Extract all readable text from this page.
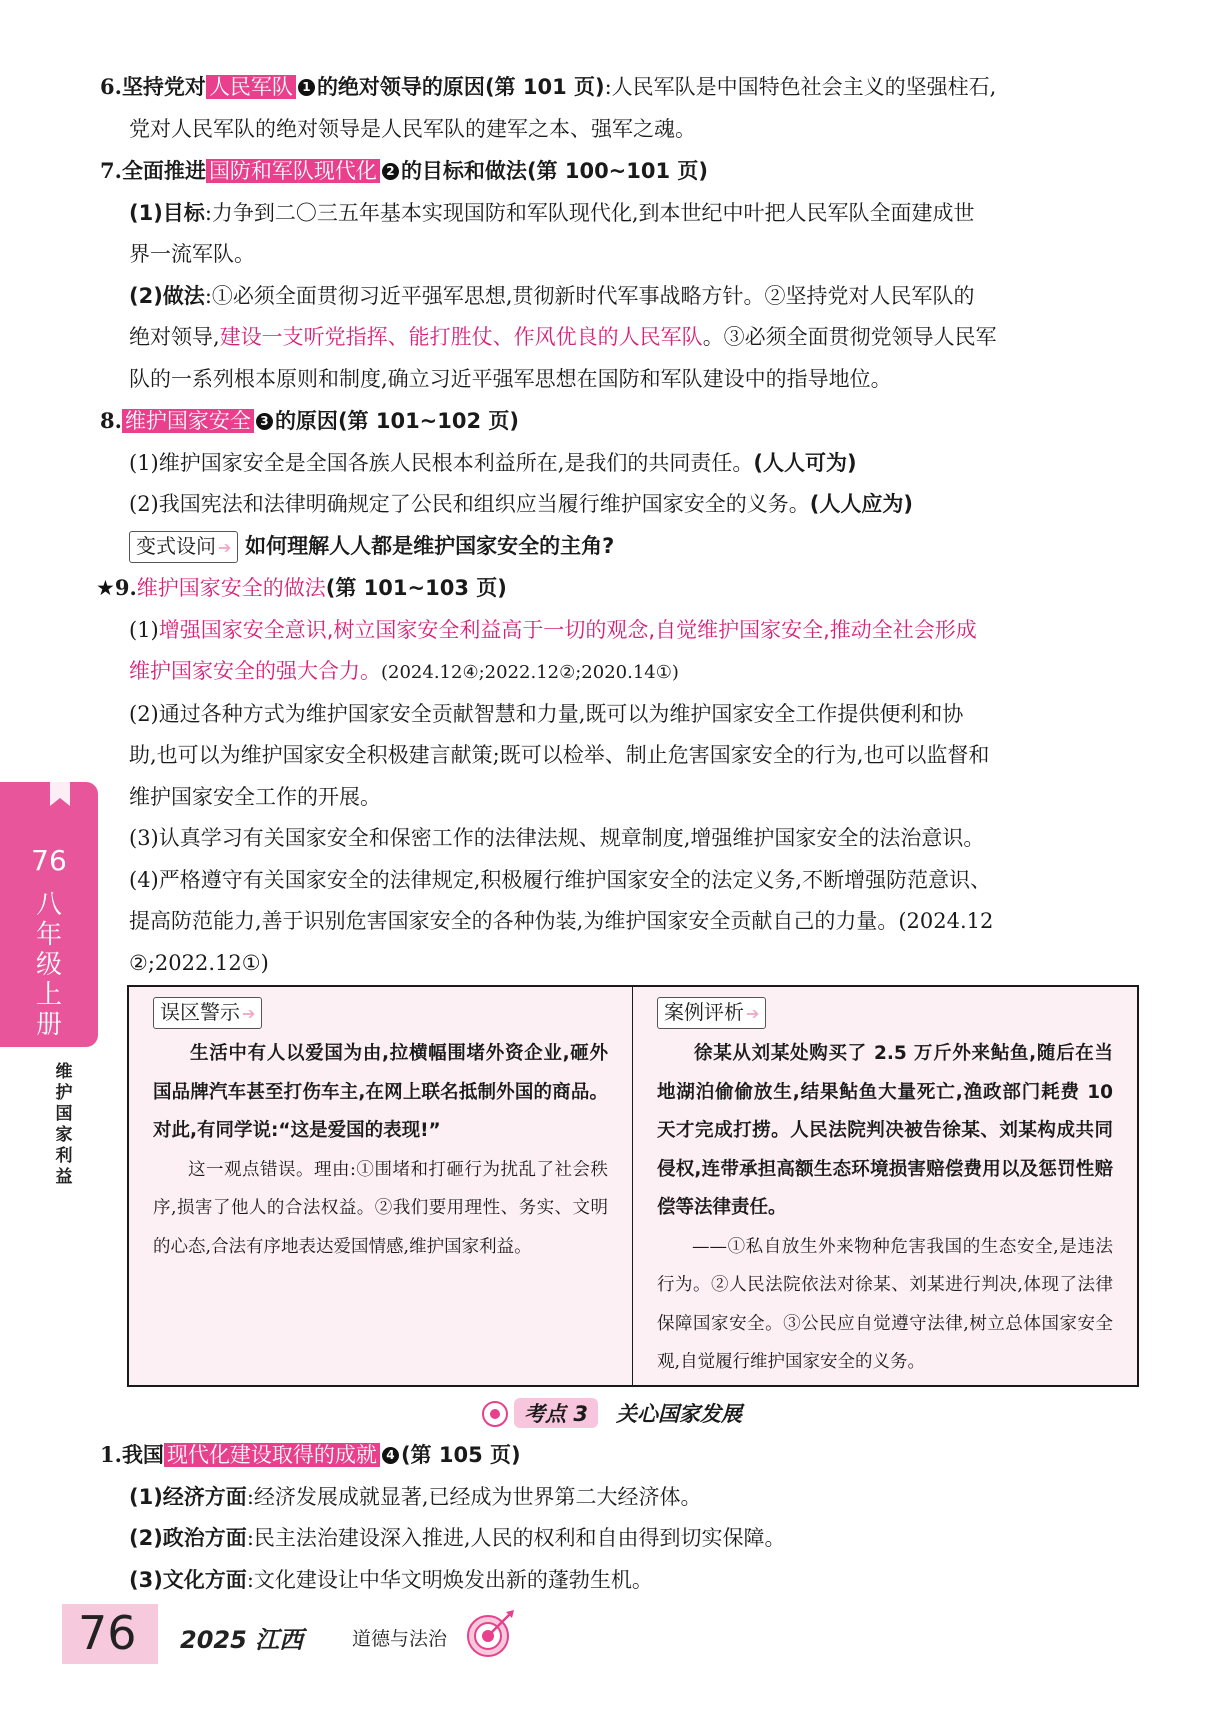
6.坚持党对 人民军队 1 的绝对领导的原因(第 101 页):人民军队是中国特色社会主义的坚强柱石,
党对人民军队的绝对领导是人民军队的建军之本、强军之魂。
7.全面推进 国防和军队现代化 2 的目标和做法(第 100~101 页)
(1)目标:力争到二〇三五年基本实现国防和军队现代化,到本世纪中叶把人民军队全面建成世
界一流军队。
(2)做法:①必须全面贯彻习近平强军思想,贯彻新时代军事战略方针。②坚持党对人民军队的
绝对领导,建设一支听党指挥、能打胜仗、作风优良的人民军队。③必须全面贯彻党领导人民军
队的一系列根本原则和制度,确立习近平强军思想在国防和军队建设中的指导地位。
8. 维护国家安全 3 的原因(第 101~102 页)
(1)维护国家安全是全国各族人民根本利益所在,是我们的共同责任。(人人可为)
(2)我国宪法和法律明确规定了公民和组织应当履行维护国家安全的义务。(人人应为)
变式设问 ➔ 如何理解人人都是维护国家安全的主角?
★9.维护国家安全的做法(第 101~103 页)
(1)增强国家安全意识,树立国家安全利益高于一切的观念,自觉维护国家安全,推动全社会形成
维护国家安全的强大合力。(2024.12④;2022.12②;2020.14①)
(2)通过各种方式为维护国家安全贡献智慧和力量,既可以为维护国家安全工作提供便利和协
助,也可以为维护国家安全积极建言献策;既可以检举、制止危害国家安全的行为,也可以监督和
维护国家安全工作的开展。
(3)认真学习有关国家安全和保密工作的法律法规、规章制度,增强维护国家安全的法治意识。
(4)严格遵守有关国家安全的法律规定,积极履行维护国家安全的法定义务,不断增强防范意识、
提高防范能力,善于识别危害国家安全的各种伪装,为维护国家安全贡献自己的力量。(2024.12
②;2022.12①)
误区警示 ➔

生活中有人以爱国为由,拉横幅围堵外资企业,砸外国品牌汽车甚至打伤车主,在网上联名抵制外国的商品。对此,有同学说:“这是爱国的表现!”

这一观点错误。理由:①围堵和打砸行为扰乱了社会秩序,损害了他人的合法权益。②我们要用理性、务实、文明的心态,合法有序地表达爱国情感,维护国家利益。

案例评析 ➔

徐某从刘某处购买了 2.5 万斤外来鲇鱼,随后在当地湖泊偷偷放生,结果鲇鱼大量死亡,渔政部门耗费 10 天才完成打捞。人民法院判决被告徐某、刘某构成共同侵权,连带承担高额生态环境损害赔偿费用以及惩罚性赔偿等法律责任。

——①私自放生外来物种危害我国的生态安全,是违法行为。②人民法院依法对徐某、刘某进行判决,体现了法律保障国家安全。③公民应自觉遵守法律,树立总体国家安全观,自觉履行维护国家安全的义务。

考点 3 关心国家发展
1.我国 现代化建设取得的成就 4 (第 105 页)
(1)经济方面:经济发展成就显著,已经成为世界第二大经济体。
(2)政治方面:民主法治建设深入推进,人民的权利和自由得到切实保障。
(3)文化方面:文化建设让中华文明焕发出新的蓬勃生机。
76
八
年
级
上
册
维
护
国
家
利
益
76 2025 江西	道德与法治
